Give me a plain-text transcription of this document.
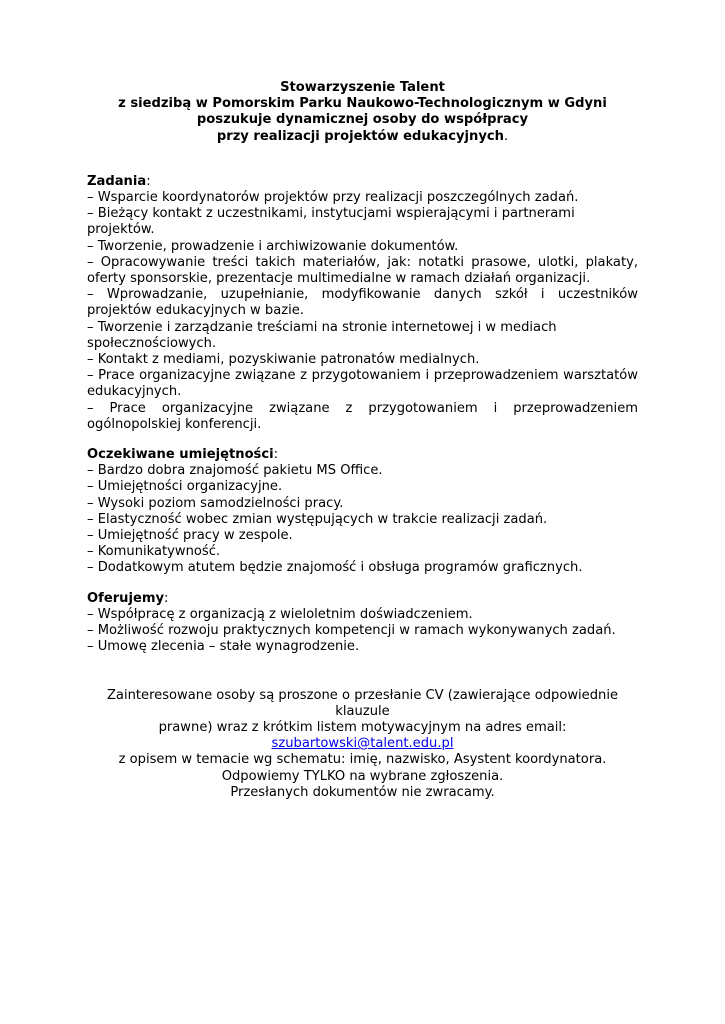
Stowarzyszenie Talent
z siedzibą w Pomorskim Parku Naukowo-Technologicznym w Gdyni
poszukuje dynamicznej osoby do współpracy
przy realizacji projektów edukacyjnych.
Zadania:
– Wsparcie koordynatorów projektów przy realizacji poszczególnych zadań.
– Bieżący kontakt z uczestnikami, instytucjami wspierającymi i partnerami projektów.
– Tworzenie, prowadzenie i archiwizowanie dokumentów.
– Opracowywanie treści takich materiałów, jak: notatki prasowe, ulotki, plakaty, oferty sponsorskie, prezentacje multimedialne w ramach działań organizacji.
– Wprowadzanie, uzupełnianie, modyfikowanie danych szkół i uczestników projektów edukacyjnych w bazie.
– Tworzenie i zarządzanie treściami na stronie internetowej i w mediach społecznościowych.
– Kontakt z mediami, pozyskiwanie patronatów medialnych.
– Prace organizacyjne związane z przygotowaniem i przeprowadzeniem warsztatów edukacyjnych.
– Prace organizacyjne związane z przygotowaniem i przeprowadzeniem ogólnopolskiej konferencji.
Oczekiwane umiejętności:
– Bardzo dobra znajomość pakietu MS Office.
– Umiejętności organizacyjne.
– Wysoki poziom samodzielności pracy.
– Elastyczność wobec zmian występujących w trakcie realizacji zadań.
– Umiejętność pracy w zespole.
– Komunikatywność.
– Dodatkowym atutem będzie znajomość i obsługa programów graficznych.
Oferujemy:
– Współpracę z organizacją z wieloletnim doświadczeniem.
– Możliwość rozwoju praktycznych kompetencji w ramach wykonywanych zadań.
– Umowę zlecenia – stałe wynagrodzenie.
Zainteresowane osoby są proszone o przesłanie CV (zawierające odpowiednie klauzule
prawne) wraz z krótkim listem motywacyjnym na adres email: szubartowski@talent.edu.pl
z opisem w temacie wg schematu: imię, nazwisko, Asystent koordynatora.
Odpowiemy TYLKO na wybrane zgłoszenia.
Przesłanych dokumentów nie zwracamy.
